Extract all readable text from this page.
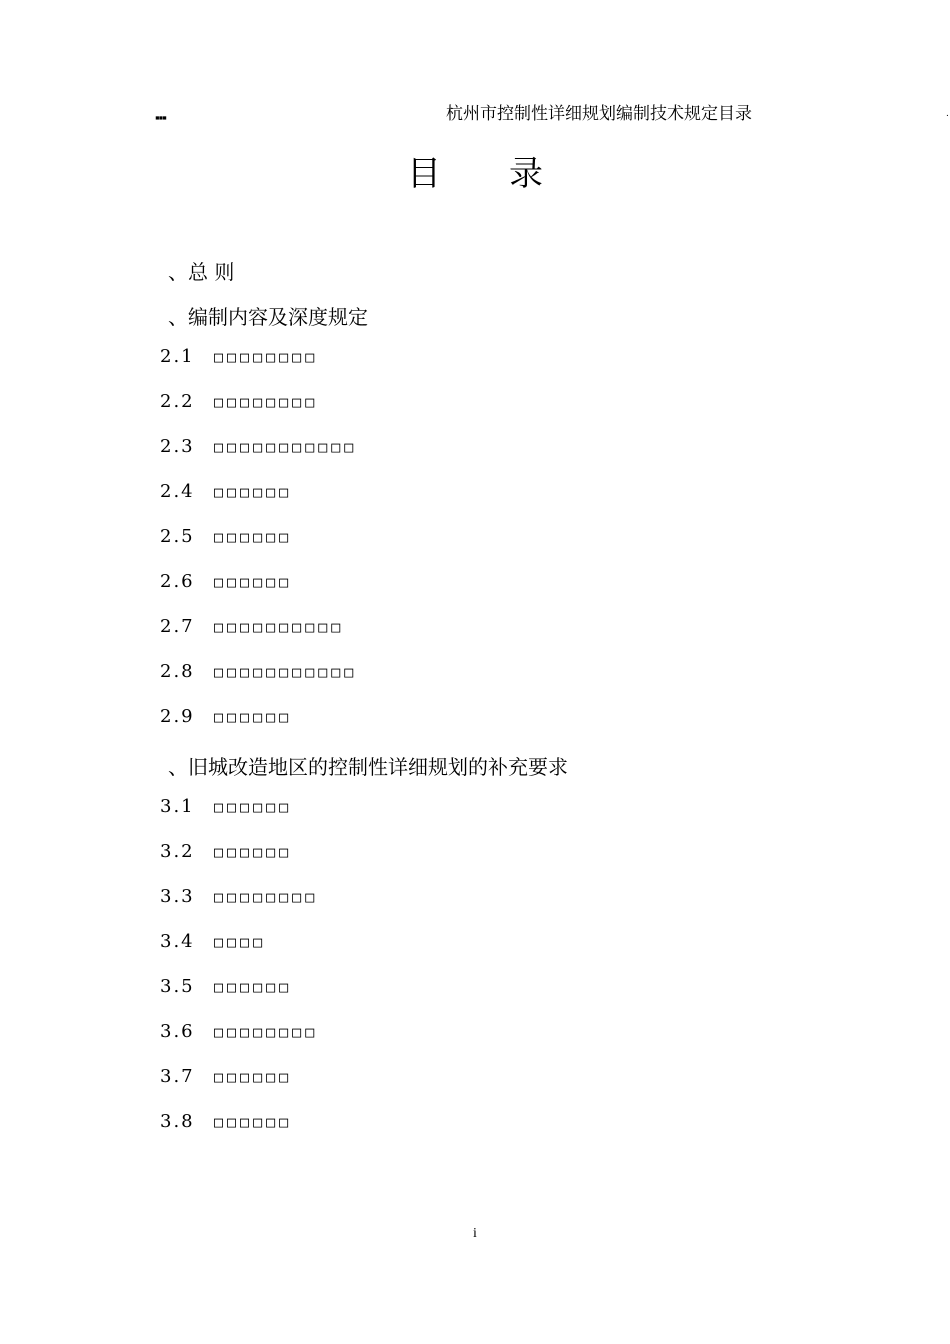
▪▪▪	.
杭州市控制性详细规划编制技术规定目录
目 录
、总 则
、编制内容及深度规定
2.1 □□□□□□□□
2.2 □□□□□□□□
2.3 □□□□□□□□□□□
2.4 □□□□□□
2.5 □□□□□□
2.6 □□□□□□
2.7 □□□□□□□□□□
2.8 □□□□□□□□□□□
2.9 □□□□□□
、旧城改造地区的控制性详细规划的补充要求
3.1 □□□□□□
3.2 □□□□□□
3.3 □□□□□□□□
3.4 □□□□
3.5 □□□□□□
3.6 □□□□□□□□
3.7 □□□□□□
3.8 □□□□□□
i
